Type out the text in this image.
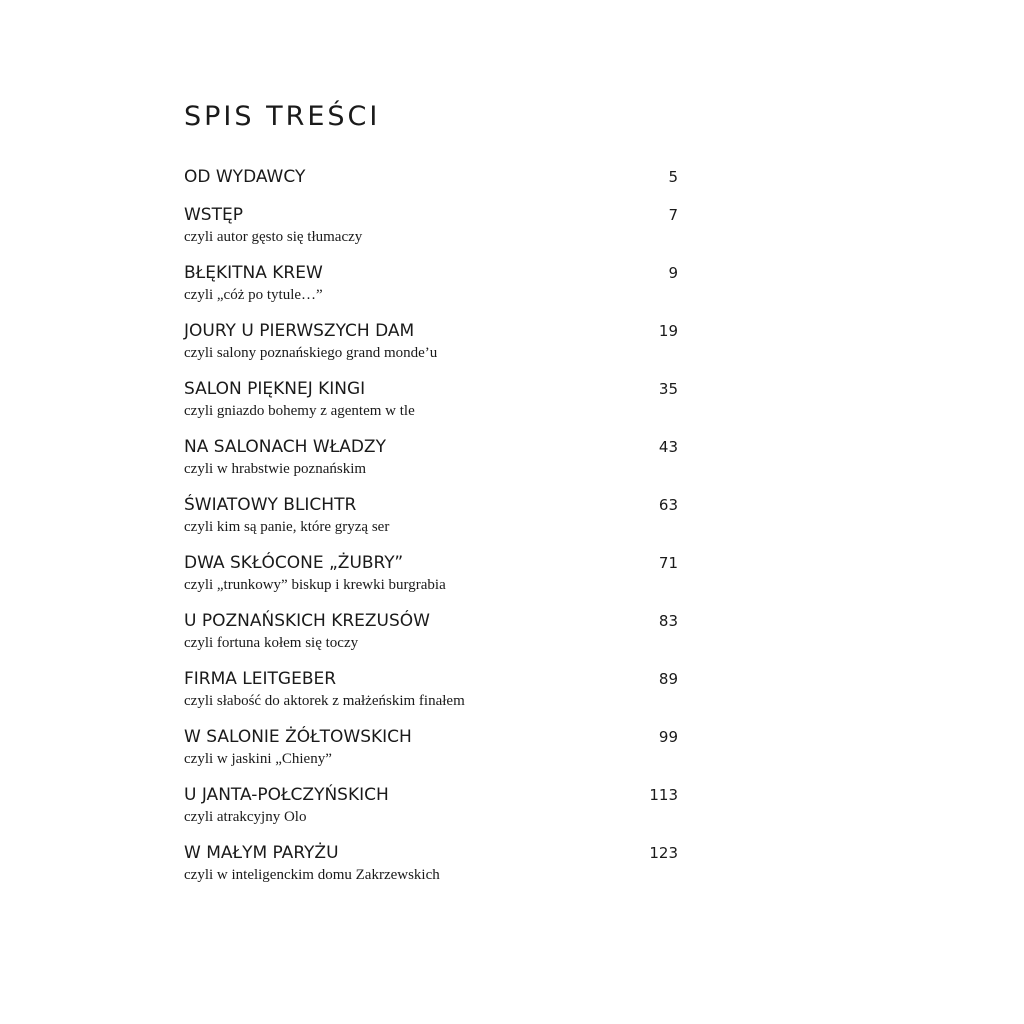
SPIS TREŚCI
OD WYDAWCY	5
WSTĘP	7
czyli autor gęsto się tłumaczy
BŁĘKITNA KREW	9
czyli „cóż po tytule…”
JOURY U PIERWSZYCH DAM	19
czyli salony poznańskiego grand monde’u
SALON PIĘKNEJ KINGI	35
czyli gniazdo bohemy z agentem w tle
NA SALONACH WŁADZY	43
czyli w hrabstwie poznańskim
ŚWIATOWY BLICHTR	63
czyli kim są panie, które gryzą ser
DWA SKŁÓCONE „ŻUBRY”	71
czyli „trunkowy” biskup i krewki burgrabia
U POZNAŃSKICH KREZUSÓW	83
czyli fortuna kołem się toczy
FIRMA LEITGEBER	89
czyli słabość do aktorek z małżeńskim finałem
W SALONIE ŻÓŁTOWSKICH	99
czyli w jaskini „Chieny”
U JANTA-POŁCZYŃSKICH	113
czyli atrakcyjny Olo
W MAŁYM PARYŻU	123
czyli w inteligenckim domu Zakrzewskich
